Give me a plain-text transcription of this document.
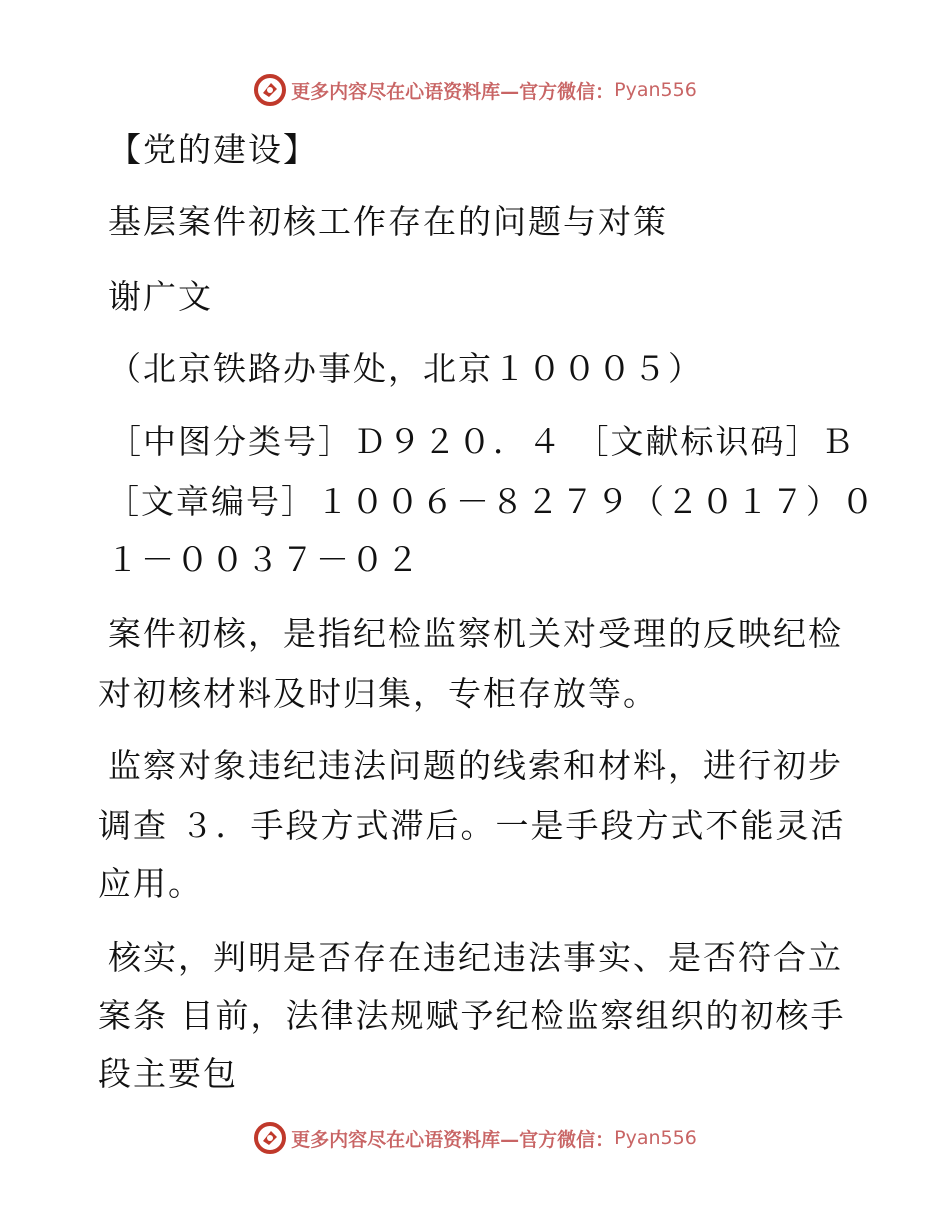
更多内容尽在心语资料库—官方微信： Pyan556

【党的建设】

基层案件初核工作存在的问题与对策

谢广文

（北京铁路办事处，北京１０００５）

［中图分类号］Ｄ９２０．４ ［文献标识码］Ｂ

［文章编号］１００６－８２７９（２０１７）０

１－００３７－０２

案件初核，是指纪检监察机关对受理的反映纪检

对初核材料及时归集，专柜存放等。

监察对象违纪违法问题的线索和材料，进行初步

调查 ３．手段方式滞后。一是手段方式不能灵活

应用。

核实，判明是否存在违纪违法事实、是否符合立

案条 目前，法律法规赋予纪检监察组织的初核手

段主要包

更多内容尽在心语资料库—官方微信： Pyan556
